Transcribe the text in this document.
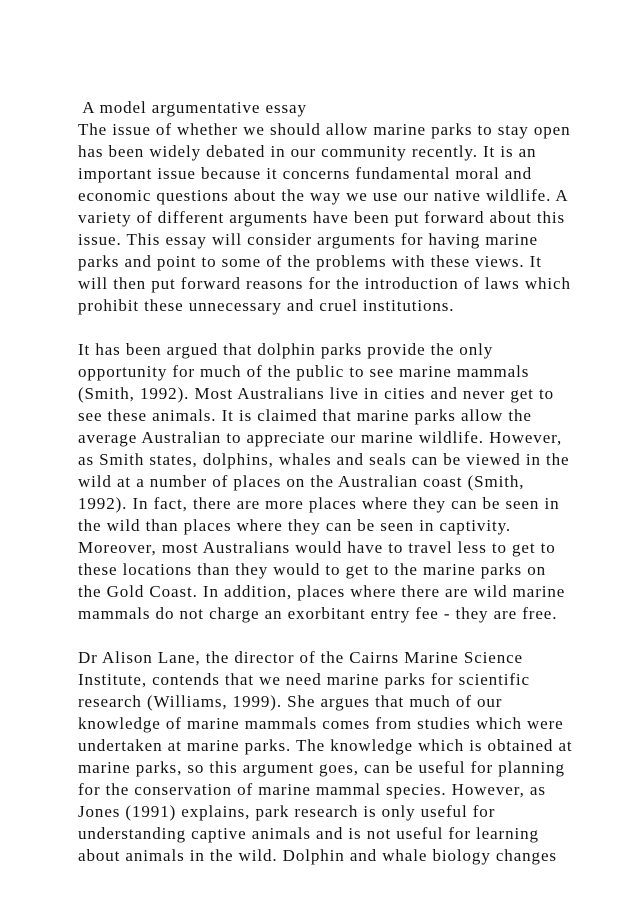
A model argumentative essay
The issue of whether we should allow marine parks to stay open
has been widely debated in our community recently. It is an
important issue because it concerns fundamental moral and
economic questions about the way we use our native wildlife. A
variety of different arguments have been put forward about this
issue. This essay will consider arguments for having marine
parks and point to some of the problems with these views. It
will then put forward reasons for the introduction of laws which
prohibit these unnecessary and cruel institutions.
It has been argued that dolphin parks provide the only
opportunity for much of the public to see marine mammals
(Smith, 1992). Most Australians live in cities and never get to
see these animals. It is claimed that marine parks allow the
average Australian to appreciate our marine wildlife. However,
as Smith states, dolphins, whales and seals can be viewed in the
wild at a number of places on the Australian coast (Smith,
1992). In fact, there are more places where they can be seen in
the wild than places where they can be seen in captivity.
Moreover, most Australians would have to travel less to get to
these locations than they would to get to the marine parks on
the Gold Coast. In addition, places where there are wild marine
mammals do not charge an exorbitant entry fee - they are free.
Dr Alison Lane, the director of the Cairns Marine Science
Institute, contends that we need marine parks for scientific
research (Williams, 1999). She argues that much of our
knowledge of marine mammals comes from studies which were
undertaken at marine parks. The knowledge which is obtained at
marine parks, so this argument goes, can be useful for planning
for the conservation of marine mammal species. However, as
Jones (1991) explains, park research is only useful for
understanding captive animals and is not useful for learning
about animals in the wild. Dolphin and whale biology changes
